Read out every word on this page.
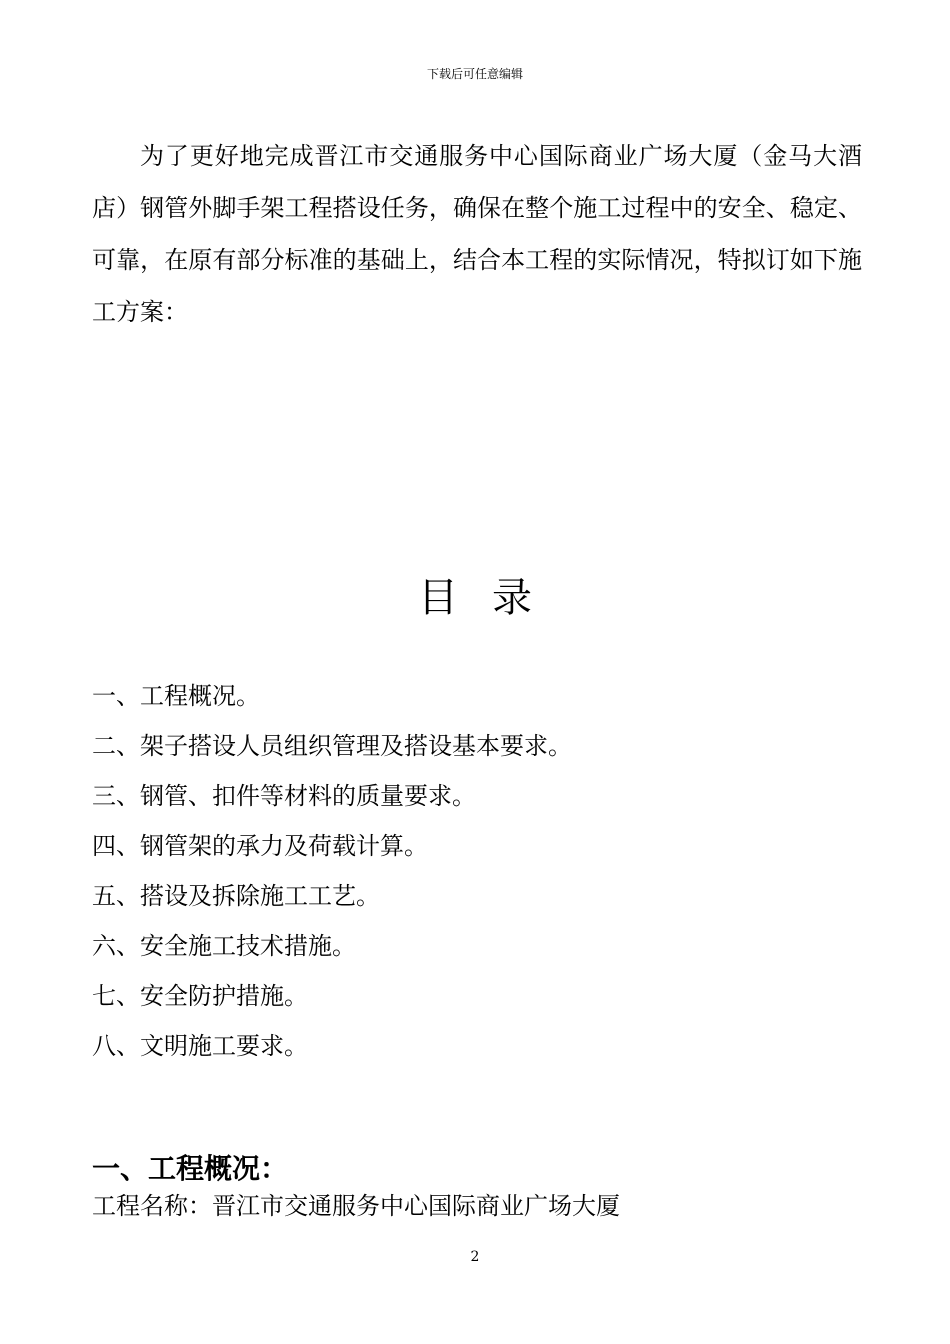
下载后可任意编辑

为了更好地完成晋江市交通服务中心国际商业广场大厦（金马大酒店）钢管外脚手架工程搭设任务，确保在整个施工过程中的安全、稳定、可靠，在原有部分标准的基础上，结合本工程的实际情况，特拟订如下施工方案：

目录
一、工程概况。
二、架子搭设人员组织管理及搭设基本要求。
三、钢管、扣件等材料的质量要求。
四、钢管架的承力及荷载计算。
五、搭设及拆除施工工艺。
六、安全施工技术措施。
七、安全防护措施。
八、文明施工要求。
一、工程概况：
工程名称：晋江市交通服务中心国际商业广场大厦
2
